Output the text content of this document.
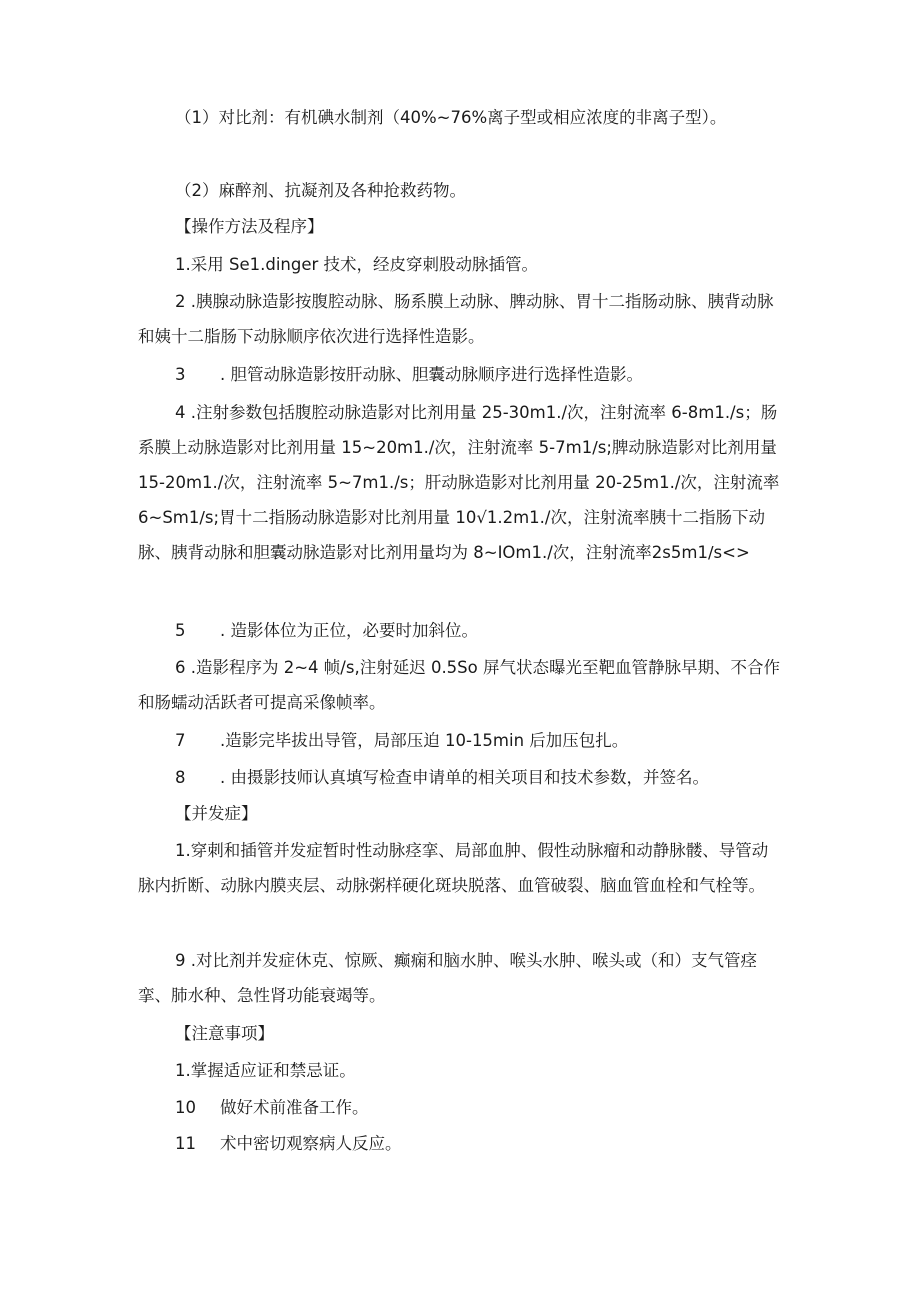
（1）对比剂：有机碘水制剂（40%~76%离子型或相应浓度的非离子型）。

（2）麻醉剂、抗凝剂及各种抢救药物。

【操作方法及程序】

1.采用 Se1.dinger 技术，经皮穿刺股动脉插管。

2 .胰腺动脉造影按腹腔动脉、肠系膜上动脉、脾动脉、胃十二指肠动脉、胰背动脉和姨十二脂肠下动脉顺序依次进行选择性造影。

3 . 胆管动脉造影按肝动脉、胆囊动脉顺序进行选择性造影。

4 .注射参数包括腹腔动脉造影对比剂用量 25-30m1./次，注射流率 6-8m1./s；肠系膜上动脉造影对比剂用量 15~20m1./次，注射流率 5-7m1∕s;脾动脉造影对比剂用量 15-20m1./次，注射流率 5~7m1./s；肝动脉造影对比剂用量 20-25m1./次，注射流率 6~Sm1∕s;胃十二指肠动脉造影对比剂用量 10√1.2m1./次，注射流率胰十二指肠下动脉、胰背动脉和胆囊动脉造影对比剂用量均为 8~IOm1./次，注射流率2s5m1∕s<>

5 . 造影体位为正位，必要时加斜位。

6 .造影程序为 2~4 帧/s,注射延迟 0.5So 屏气状态曝光至靶血管静脉早期、不合作和肠蠕动活跃者可提高采像帧率。

7 .造影完毕拔出导管，局部压迫 10-15min 后加压包扎。
8 . 由摄影技师认真填写检查申请单的相关项目和技术参数，并签名。

【并发症】

1.穿刺和插管并发症暂时性动脉痉挛、局部血肿、假性动脉瘤和动静脉髅、导管动脉内折断、动脉内膜夹层、动脉粥样硬化斑块脱落、血管破裂、脑血管血栓和气栓等。

9 .对比剂并发症休克、惊厥、癫痫和脑水肿、喉头水肿、喉头或（和）支气管痉挛、肺水种、急性肾功能衰竭等。

【注意事项】

1.掌握适应证和禁忌证。

10 做好术前准备工作。
11 术中密切观察病人反应。
